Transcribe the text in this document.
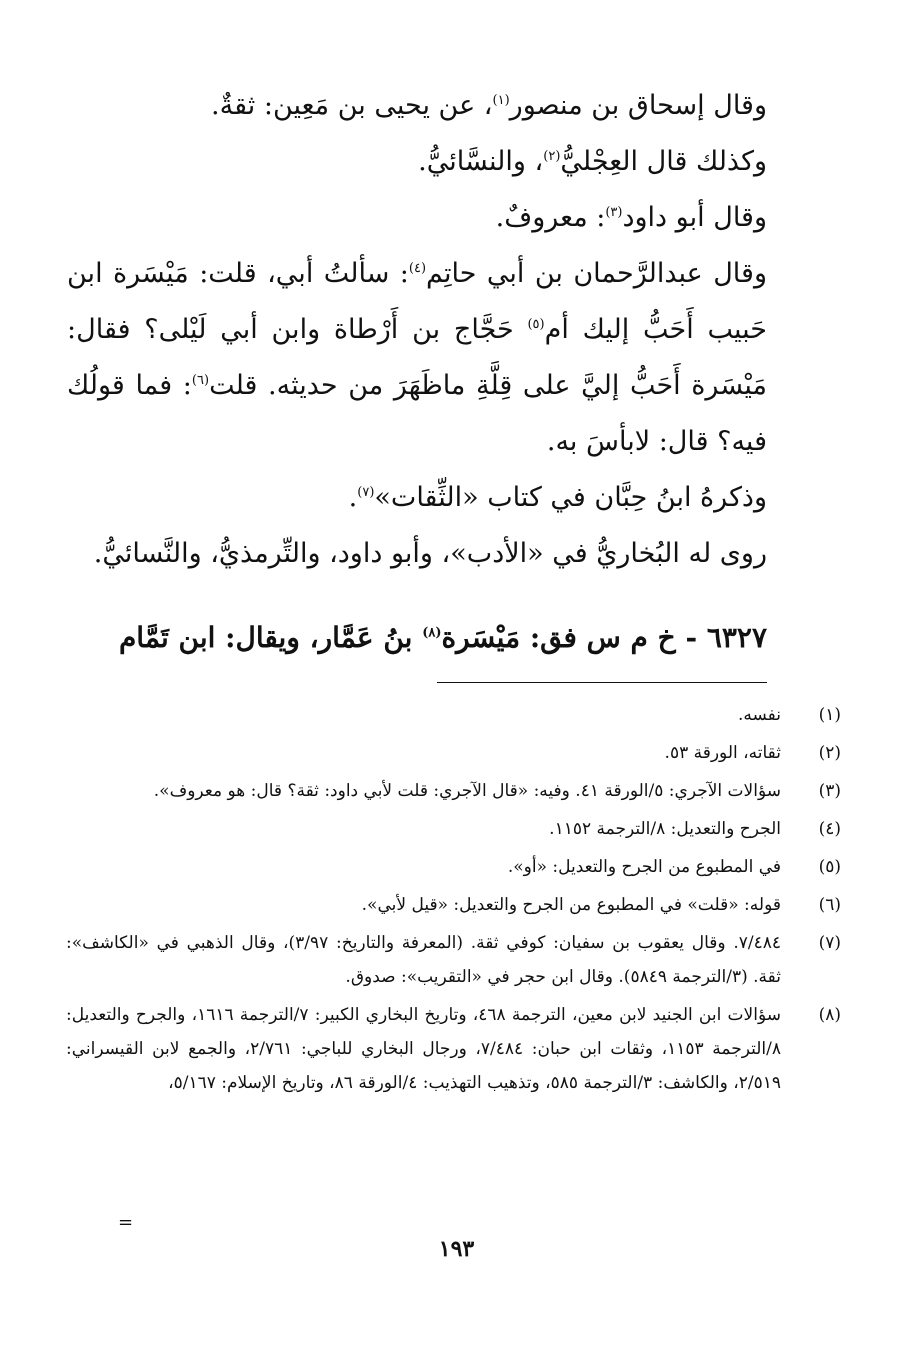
وقال إسحاق بن منصور$^{(١)}$، عن يحيى بن مَعِين: ثقةٌ.

وكذلك قال العِجْليُّ$^{(٢)}$، والنسَّائيُّ.

وقال أبو داود$^{(٣)}$: معروفٌ.

وقال عبدالرَّحمان بن أبي حاتِم$^{(٤)}$: سألتُ أبي، قلت: مَيْسَرة ابن حَبيب أَحَبُّ إليك أم$^{(٥)}$ حَجَّاج بن أَرْطاة وابن أبي لَيْلى؟ فقال: مَيْسَرة أَحَبُّ إليَّ على قِلَّةِ ماظَهَرَ من حديثه. قلت$^{(٦)}$: فما قولُك فيه؟ قال: لابأسَ به.

وذكرهُ ابنُ حِبَّان في كتاب «الثِّقات»$^{(٧)}$.

روى له البُخاريُّ في «الأدب»، وأبو داود، والتِّرمذيُّ، والنَّسائيُّ.

٦٣٢٧ - خ م س فق: مَيْسَرة$^{(٨)}$ بنُ عَمَّار، ويقال: ابن تَمَّام
(١)
نفسه.
(٢)
ثقاته، الورقة ٥٣.
(٣)
سؤالات الآجري: ٥/الورقة ٤١. وفيه: «قال الآجري: قلت لأبي داود: ثقة؟ قال: هو معروف».
(٤)
الجرح والتعديل: ٨/الترجمة ١١٥٢.
(٥)
في المطبوع من الجرح والتعديل: «أو».
(٦)
قوله: «قلت» في المطبوع من الجرح والتعديل: «قيل لأبي».
(٧)
٧/٤٨٤. وقال يعقوب بن سفيان: كوفي ثقة. (المعرفة والتاريخ: ٣/٩٧)، وقال الذهبي في «الكاشف»: ثقة. (٣/الترجمة ٥٨٤٩). وقال ابن حجر في «التقريب»: صدوق.
(٨)
سؤالات ابن الجنيد لابن معين، الترجمة ٤٦٨، وتاريخ البخاري الكبير: ٧/الترجمة ١٦١٦، والجرح والتعديل: ٨/الترجمة ١١٥٣، وثقات ابن حبان: ٧/٤٨٤، ورجال البخاري للباجي: ٢/٧٦١، والجمع لابن القيسراني: ٢/٥١٩، والكاشف: ٣/الترجمة ٥٨٥، وتذهيب التهذيب: ٤/الورقة ٨٦، وتاريخ الإسلام: ٥/١٦٧،
=
١٩٣
